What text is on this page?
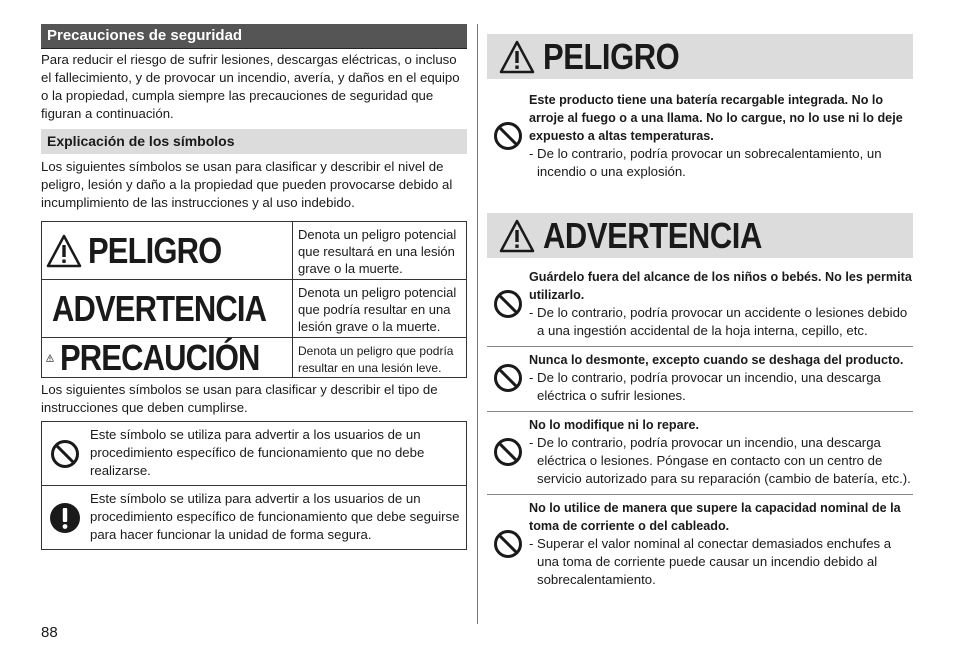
Precauciones de seguridad

Para reducir el riesgo de sufrir lesiones, descargas eléctricas, o incluso el fallecimiento, y de provocar un incendio, avería, y daños en el equipo o la propiedad, cumpla siempre las precauciones de seguridad que figuran a continuación.

Explicación de los símbolos

Los siguientes símbolos se usan para clasificar y describir el nivel de peligro, lesión y daño a la propiedad que pueden provocarse debido al incumplimiento de las instrucciones y al uso indebido.

PELIGRO	Denota un peligro potencial que resultará en una lesión grave o la muerte.
ADVERTENCIA	Denota un peligro potencial que podría resultar en una lesión grave o la muerte.
PRECAUCIÓN	Denota un peligro que podría resultar en una lesión leve.

Los siguientes símbolos se usan para clasificar y describir el tipo de instrucciones que deben cumplirse.

Este símbolo se utiliza para advertir a los usuarios de un procedimiento específico de funcionamiento que no debe realizarse.
Este símbolo se utiliza para advertir a los usuarios de un procedimiento específico de funcionamiento que debe seguirse para hacer funcionar la unidad de forma segura.
88
PELIGRO
Este producto tiene una batería recargable integrada. No lo arroje al fuego o a una llama. No lo cargue, no lo use ni lo deje expuesto a altas temperaturas.
- De lo contrario, podría provocar un sobrecalentamiento, un incendio o una explosión.
ADVERTENCIA
Guárdelo fuera del alcance de los niños o bebés. No les permita utilizarlo.
- De lo contrario, podría provocar un accidente o lesiones debido a una ingestión accidental de la hoja interna, cepillo, etc.
Nunca lo desmonte, excepto cuando se deshaga del producto.
- De lo contrario, podría provocar un incendio, una descarga eléctrica o sufrir lesiones.
No lo modifique ni lo repare.
- De lo contrario, podría provocar un incendio, una descarga eléctrica o lesiones. Póngase en contacto con un centro de servicio autorizado para su reparación (cambio de batería, etc.).
No lo utilice de manera que supere la capacidad nominal de la toma de corriente o del cableado.
- Superar el valor nominal al conectar demasiados enchufes a una toma de corriente puede causar un incendio debido al sobrecalentamiento.
